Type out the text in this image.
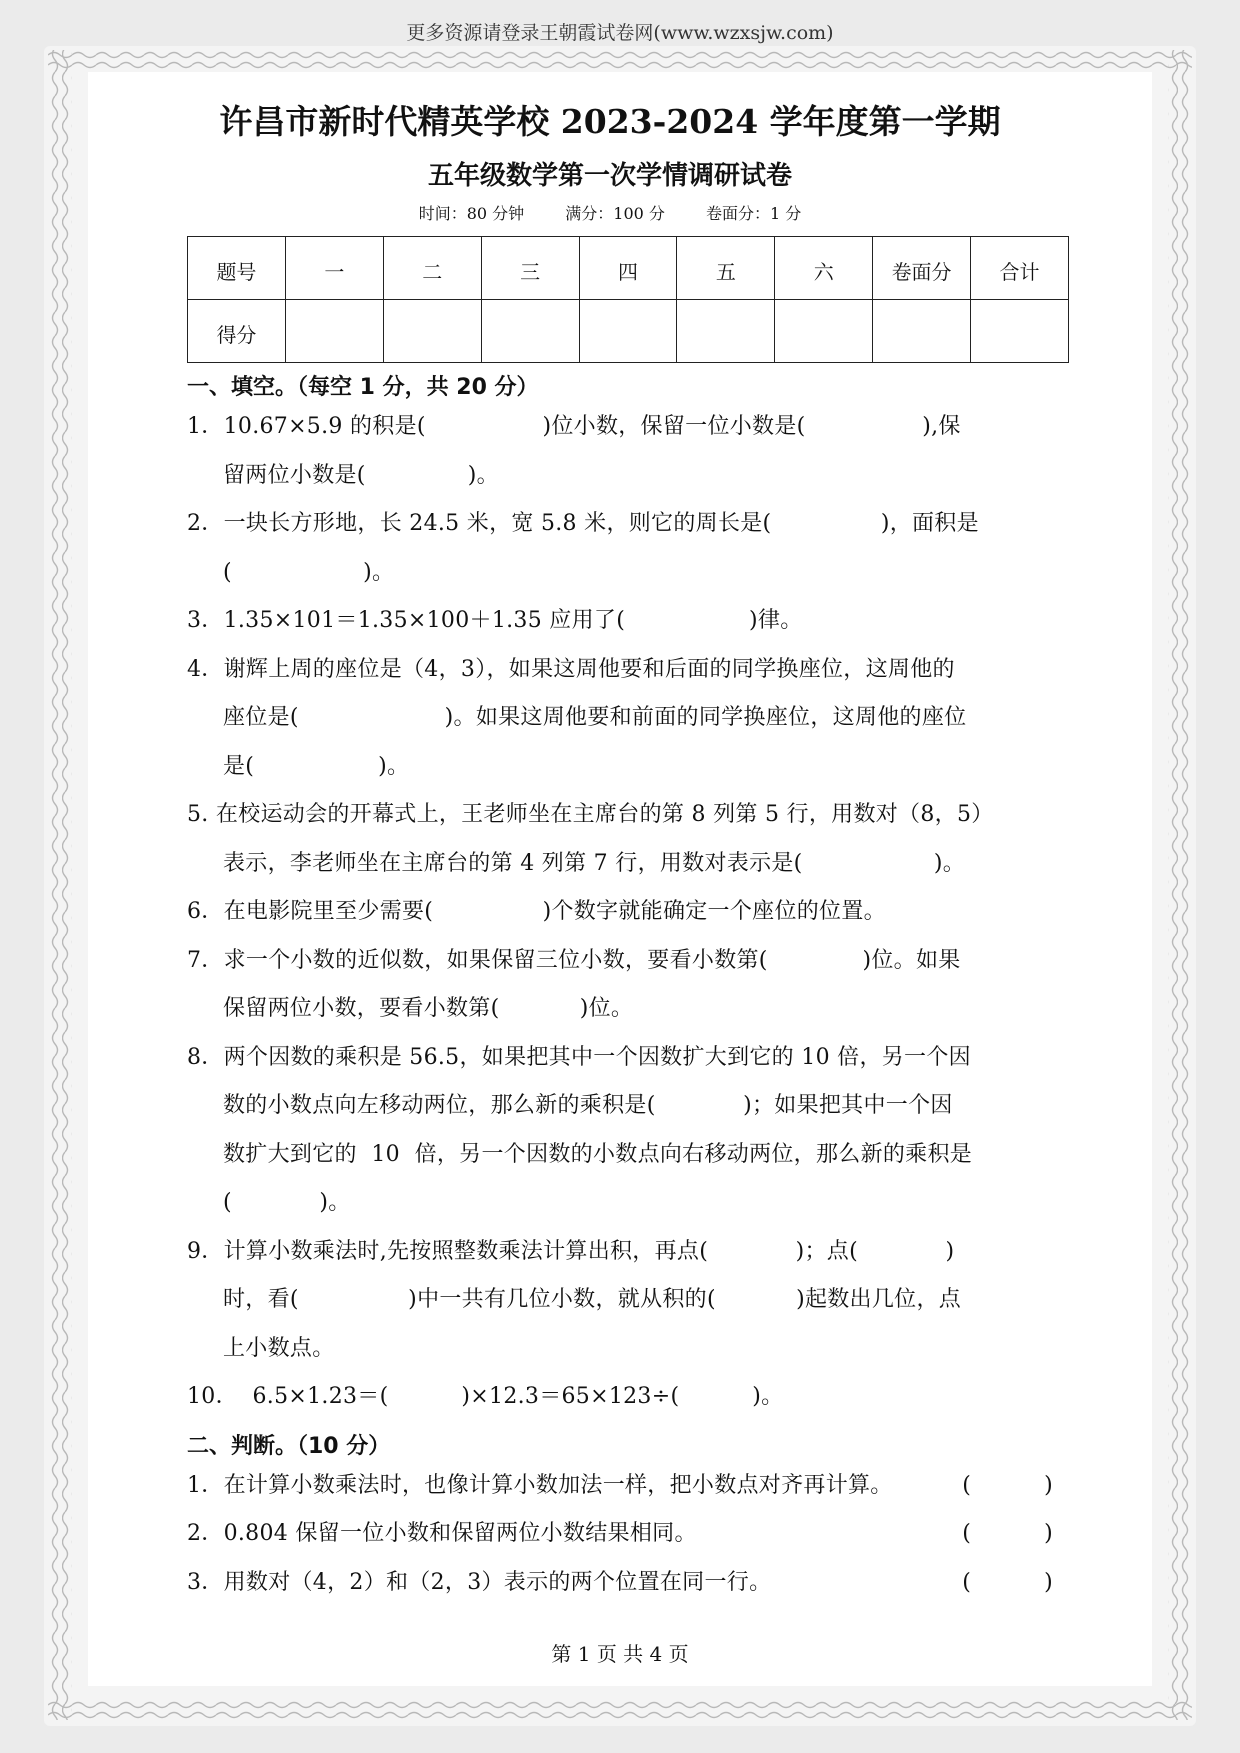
更多资源请登录王朝霞试卷网(www.wzxsjw.com)
许昌市新时代精英学校 2023-2024 学年度第一学期
五年级数学第一次学情调研试卷
时间：80 分钟	满分：100 分	卷面分：1 分
题号	一	二	三	四	五	六	卷面分	合计
得分								
一、填空。（每空 1 分，共 20 分）
1．10.67×5.9 的积是(                )位小数，保留一位小数是(                ),保
留两位小数是(              )。
2．一块长方形地，长 24.5 米，宽 5.8 米，则它的周长是(               )，面积是
(                  )。
3．1.35×101＝1.35×100＋1.35 应用了(                 )律。
4．谢辉上周的座位是（4，3），如果这周他要和后面的同学换座位，这周他的
座位是(                    )。如果这周他要和前面的同学换座位，这周他的座位
是(                 )。
5. 在校运动会的开幕式上，王老师坐在主席台的第 8 列第 5 行，用数对（8，5）
表示，李老师坐在主席台的第 4 列第 7 行，用数对表示是(                  )。
6．在电影院里至少需要(               )个数字就能确定一个座位的位置。
7．求一个小数的近似数，如果保留三位小数，要看小数第(             )位。如果
保留两位小数，要看小数第(           )位。
8．两个因数的乘积是 56.5，如果把其中一个因数扩大到它的 10 倍，另一个因
数的小数点向左移动两位，那么新的乘积是(            )；如果把其中一个因
数扩大到它的  10  倍，另一个因数的小数点向右移动两位，那么新的乘积是
(            )。
9．计算小数乘法时,先按照整数乘法计算出积，再点(            )；点(            )
时，看(               )中一共有几位小数，就从积的(           )起数出几位，点
上小数点。
10．  6.5×1.23＝(          )×12.3＝65×123÷(          )。
二、判断。（10 分）
1．在计算小数乘法时，也像计算小数加法一样，把小数点对齐再计算。	(          )
2．0.804 保留一位小数和保留两位小数结果相同。	(          )
3．用数对（4，2）和（2，3）表示的两个位置在同一行。	(          )
第 1 页 共 4 页
